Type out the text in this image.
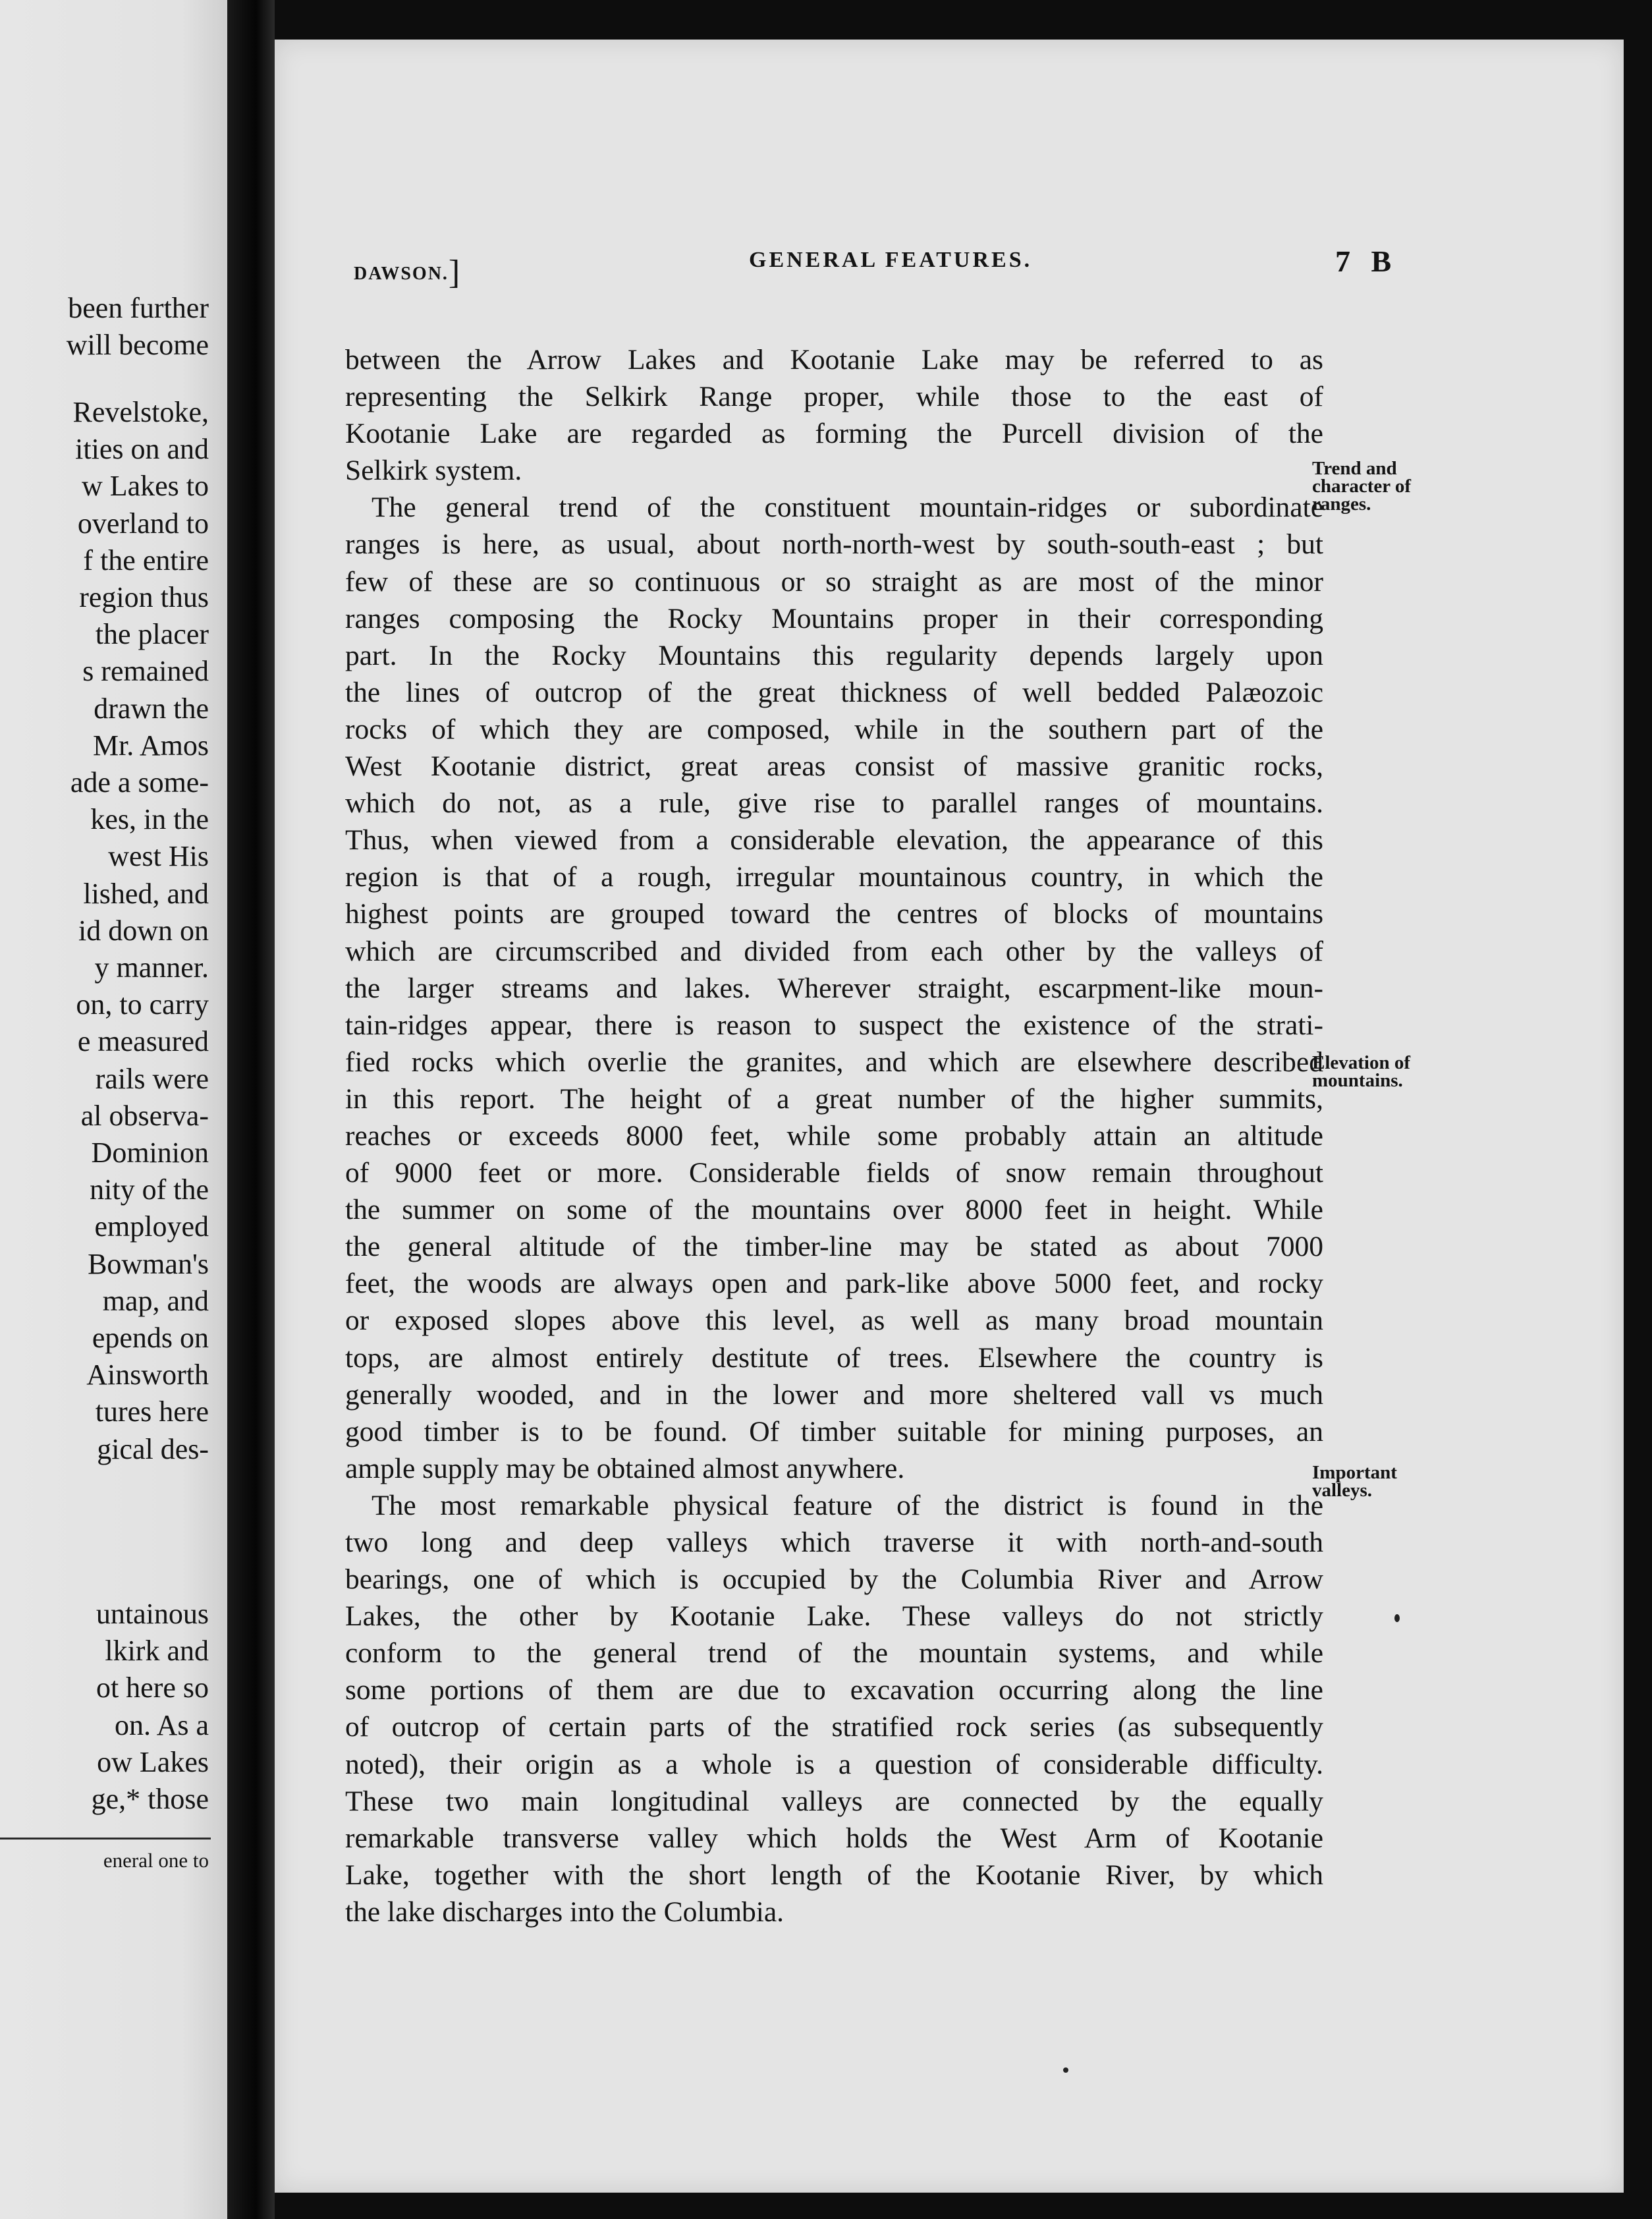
been further
will become
Revelstoke,
ities on and
w Lakes to
overland to
f the entire
region thus
the placer
s remained
drawn the
Mr. Amos
ade a some-
kes, in the
west His
lished, and
id down on
y manner.
on, to carry
e measured
rails were
al observa-
Dominion
nity of the
employed
Bowman's
map, and
epends on
Ainsworth
tures here
gical des-
untainous
lkirk and
ot here so
on. As a
ow Lakes
ge,* those
eneral one to
DAWSON.]	GENERAL FEATURES.	7 B
between the Arrow Lakes and Kootanie Lake may be referred to as
representing the Selkirk Range proper, while those to the east of
Kootanie Lake are regarded as forming the Purcell division of the
Selkirk system.
The general trend of the constituent mountain-ridges or subordinate
ranges is here, as usual, about north-north-west by south-south-east ; but
few of these are so continuous or so straight as are most of the minor
ranges composing the Rocky Mountains proper in their corresponding
part. In the Rocky Mountains this regularity depends largely upon
the lines of outcrop of the great thickness of well bedded Palæozoic
rocks of which they are composed, while in the southern part of the
West Kootanie district, great areas consist of massive granitic rocks,
which do not, as a rule, give rise to parallel ranges of mountains.
Thus, when viewed from a considerable elevation, the appearance of this
region is that of a rough, irregular mountainous country, in which the
highest points are grouped toward the centres of blocks of mountains
which are circumscribed and divided from each other by the valleys of
the larger streams and lakes. Wherever straight, escarpment-like moun-
tain-ridges appear, there is reason to suspect the existence of the strati-
fied rocks which overlie the granites, and which are elsewhere described
in this report. The height of a great number of the higher summits,
reaches or exceeds 8000 feet, while some probably attain an altitude
of 9000 feet or more. Considerable fields of snow remain throughout
the summer on some of the mountains over 8000 feet in height. While
the general altitude of the timber-line may be stated as about 7000
feet, the woods are always open and park-like above 5000 feet, and rocky
or exposed slopes above this level, as well as many broad mountain
tops, are almost entirely destitute of trees. Elsewhere the country is
generally wooded, and in the lower and more sheltered vall vs much
good timber is to be found. Of timber suitable for mining purposes, an
ample supply may be obtained almost anywhere.
The most remarkable physical feature of the district is found in the
two long and deep valleys which traverse it with north-and-south
bearings, one of which is occupied by the Columbia River and Arrow
Lakes, the other by Kootanie Lake. These valleys do not strictly
conform to the general trend of the mountain systems, and while
some portions of them are due to excavation occurring along the line
of outcrop of certain parts of the stratified rock series (as subsequently
noted), their origin as a whole is a question of considerable difficulty.
These two main longitudinal valleys are connected by the equally
remarkable transverse valley which holds the West Arm of Kootanie
Lake, together with the short length of the Kootanie River, by which
the lake discharges into the Columbia.
Trend and
character of
ranges.
Elevation of
mountains.
Important
valleys.
